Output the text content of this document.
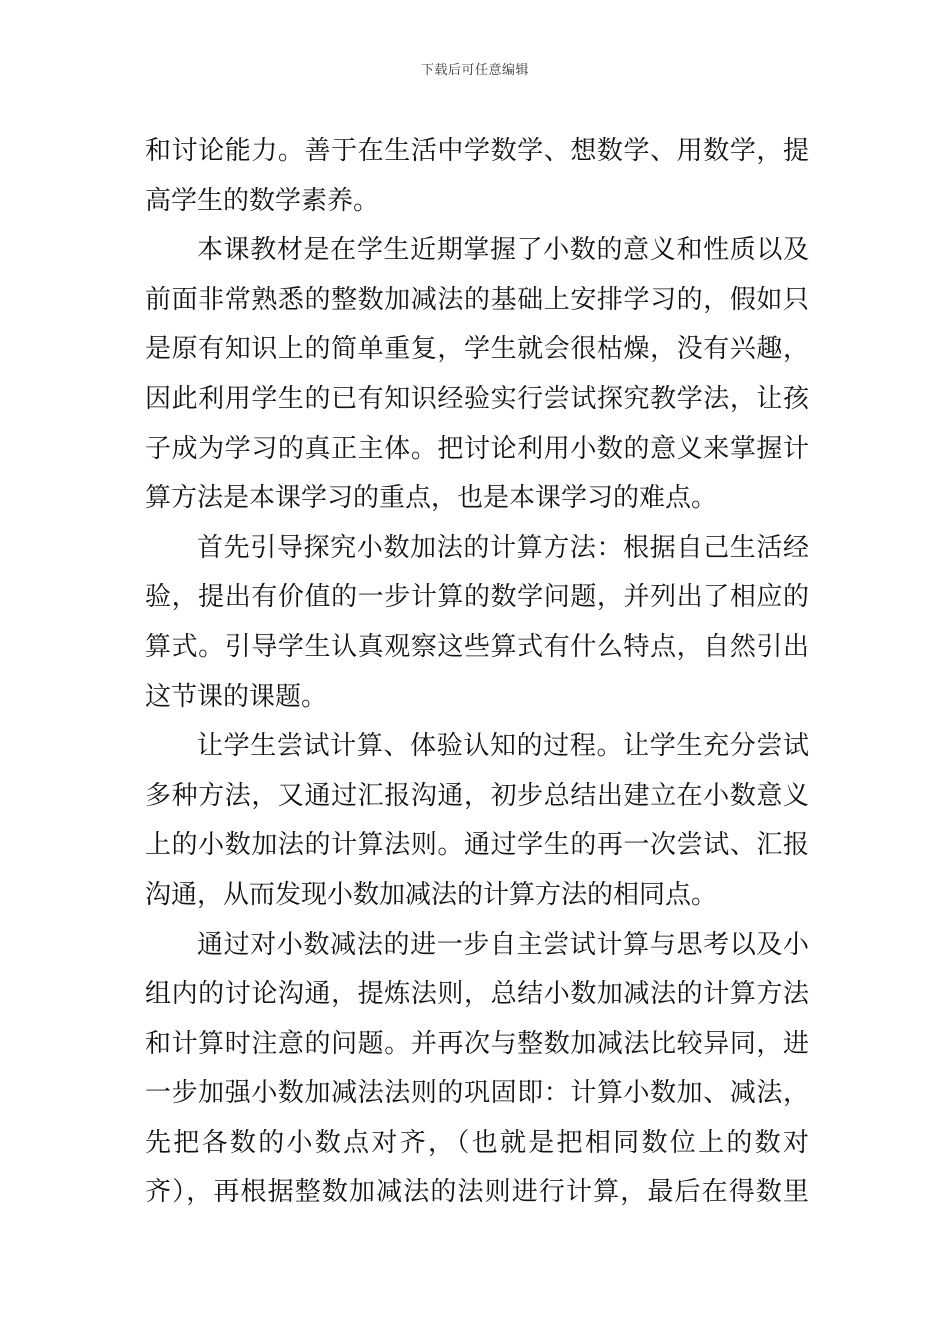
下载后可任意编辑
和讨论能力。善于在生活中学数学、想数学、用数学，提
高学生的数学素养。
本课教材是在学生近期掌握了小数的意义和性质以及
前面非常熟悉的整数加减法的基础上安排学习的，假如只
是原有知识上的简单重复，学生就会很枯燥，没有兴趣，
因此利用学生的已有知识经验实行尝试探究教学法，让孩
子成为学习的真正主体。把讨论利用小数的意义来掌握计
算方法是本课学习的重点，也是本课学习的难点。
首先引导探究小数加法的计算方法：根据自己生活经
验，提出有价值的一步计算的数学问题，并列出了相应的
算式。引导学生认真观察这些算式有什么特点，自然引出
这节课的课题。
让学生尝试计算、体验认知的过程。让学生充分尝试
多种方法，又通过汇报沟通，初步总结出建立在小数意义
上的小数加法的计算法则。通过学生的再一次尝试、汇报
沟通，从而发现小数加减法的计算方法的相同点。
通过对小数减法的进一步自主尝试计算与思考以及小
组内的讨论沟通，提炼法则，总结小数加减法的计算方法
和计算时注意的问题。并再次与整数加减法比较异同，进
一步加强小数加减法法则的巩固即：计算小数加、减法，
先把各数的小数点对齐，（也就是把相同数位上的数对
齐），再根据整数加减法的法则进行计算，最后在得数里
